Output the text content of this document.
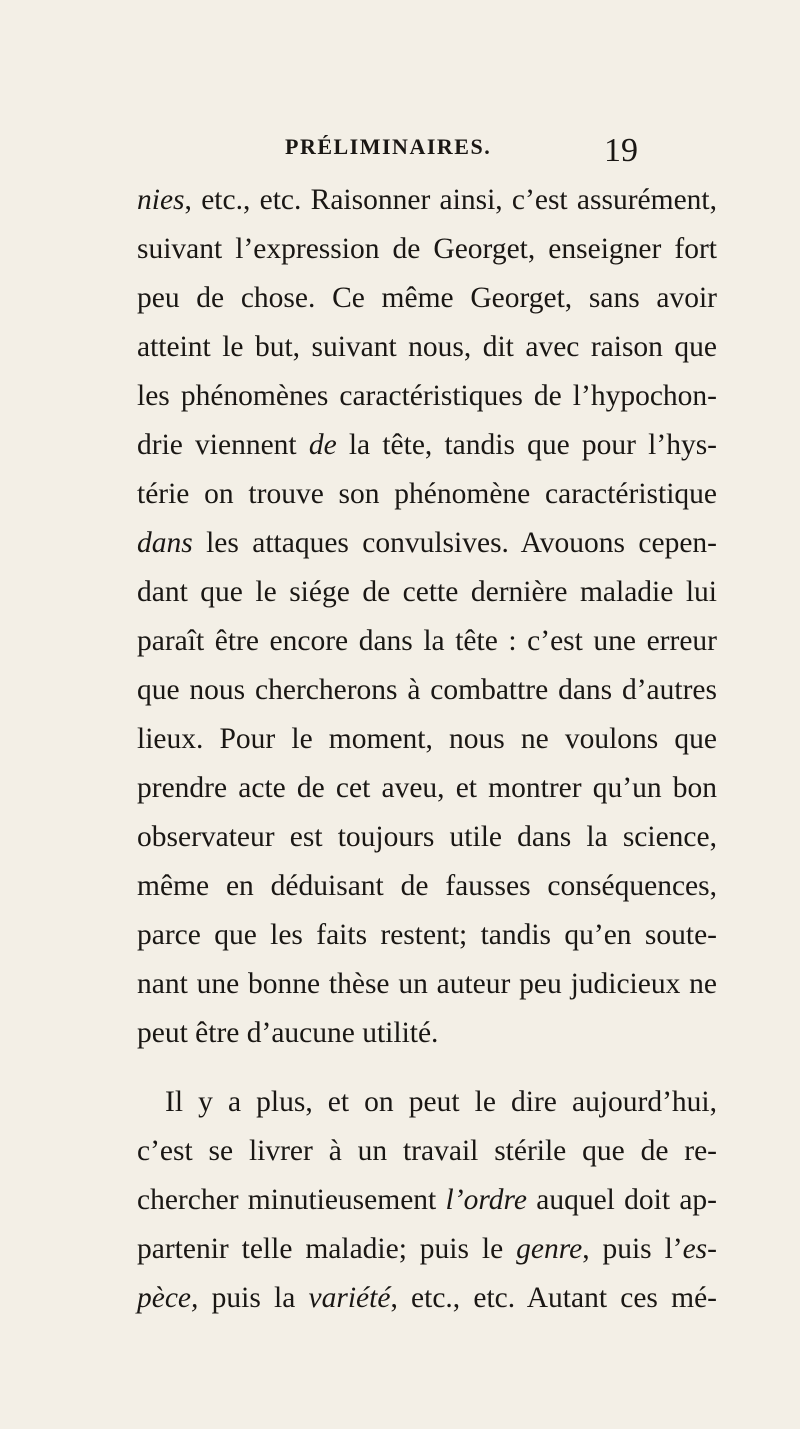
PRÉLIMINAIRES.	19
nies, etc., etc. Raisonner ainsi, c’est assurément,
suivant l’expression de Georget, enseigner fort
peu de chose. Ce même Georget, sans avoir
atteint le but, suivant nous, dit avec raison que
les phénomènes caractéristiques de l’hypochon-
drie viennent de la tête, tandis que pour l’hys-
térie on trouve son phénomène caractéristique
dans les attaques convulsives. Avouons cepen-
dant que le siége de cette dernière maladie lui
paraît être encore dans la tête : c’est une erreur
que nous chercherons à combattre dans d’autres
lieux. Pour le moment, nous ne voulons que
prendre acte de cet aveu, et montrer qu’un bon
observateur est toujours utile dans la science,
même en déduisant de fausses conséquences,
parce que les faits restent; tandis qu’en soute-
nant une bonne thèse un auteur peu judicieux ne
peut être d’aucune utilité.
Il y a plus, et on peut le dire aujourd’hui,
c’est se livrer à un travail stérile que de re-
chercher minutieusement l’ordre auquel doit ap-
partenir telle maladie; puis le genre, puis l’es-
pèce, puis la variété, etc., etc. Autant ces mé-
